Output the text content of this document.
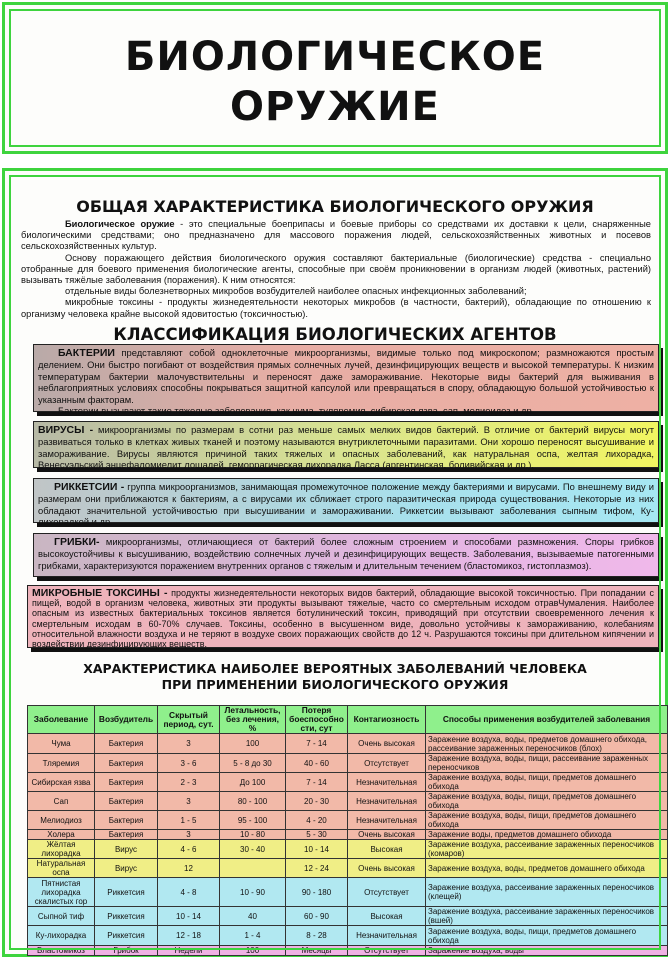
БИОЛОГИЧЕСКОЕ
ОРУЖИЕ
ОБЩАЯ ХАРАКТЕРИСТИКА БИОЛОГИЧЕСКОГО ОРУЖИЯ

Биологическое оружие - это специальные боеприпасы и боевые приборы со средствами их доставки к цели, снаряженные биологическими средствами; оно предназначено для массового поражения людей, сельскохозяйственных животных и посевов сельскохозяйственных культур.

Основу поражающего действия биологического оружия составляют бактериальные (биологические) средства - специально отобранные для боевого применения биологические агенты, способные при своём проникновении в организм людей (животных, растений) вызывать тяжёлые заболевания (поражения). К ним относятся:

отдельные виды болезнетворных микробов возбудителей наиболее опасных инфекционных заболеваний;

микробные токсины - продукты жизнедеятельности некоторых микробов (в частности, бактерий), обладающие по отношению к организму человека крайне высокой ядовитостью (токсичностью).

КЛАССИФИКАЦИЯ БИОЛОГИЧЕСКИХ АГЕНТОВ
БАКТЕРИИ представляют собой одноклеточные микроорганизмы, видимые только под микроскопом; размножаются простым делением. Они быстро погибают от воздействия прямых солнечных лучей, дезинфицирующих веществ и высокой температуры. К низким температурам бактерии малочувствительны и переносят даже замораживание. Некоторые виды бактерий для выживания в неблагоприятных условиях способны покрываться защитной капсулой или превращаться в спору, обладающую большой устойчивостью к указанным факторам.
Бактерии вызывают такие тяжелые заболевания, как чума, туляремия, сибирская язва, сап, мелиоидоз и др.
ВИРУСЫ - микроорганизмы по размерам в сотни раз меньше самых мелких видов бактерий. В отличие от бактерий вирусы могут развиваться только в клетках живых тканей и поэтому называются внутриклеточными паразитами. Они хорошо переносят высушивание и замораживание. Вирусы являются причиной таких тяжелых и опасных заболеваний, как натуральная оспа, желтая лихорадка, Венесуэльский энцефаломиелит лошадей, геморрагическая лихорадка Ласса (аргентинская, боливийская и др.).
РИККЕТСИИ - группа микроорганизмов, занимающая промежуточное положение между бактериями и вирусами. По внешнему виду и размерам они приближаются к бактериям, а с вирусами их сближает строго паразитическая природа существования. Некоторые из них обладают значительной устойчивостью при высушивании и замораживании. Риккетсии вызывают заболевания сыпным тифом, Ку-лихорадкой и др.
ГРИБКИ- микроорганизмы, отличающиеся от бактерий более сложным строением и способами размножения. Споры грибков высокоустойчивы к высушиванию, воздействию солнечных лучей и дезинфицирующих веществ. Заболевания, вызываемые патогенными грибками, характеризуются поражением внутренних органов с тяжелым и длительным течением (бластомикоз, гистоплазмоз).
МИКРОБНЫЕ ТОКСИНЫ - продукты жизнедеятельности некоторых видов бактерий, обладающие высокой токсичностью. При попадании с пищей, водой в организм человека, животных эти продукты вызывают тяжелые, часто со смертельным исходом отравЧумаления. Наиболее опасным из известных бактериальных токсинов является ботулинический токсин, приводящий при отсутствии своевременного лечения к смертельным исходам в 60-70% случаев. Токсины, особенно в высушенном виде, довольно устойчивы к замораживанию, колебаниям относительной влажности воздуха и не теряют в воздухе своих поражающих свойств до 12 ч. Разрушаются токсины при длительном кипячении и воздействии дезинфицирующих веществ.
ХАРАКТЕРИСТИКА НАИБОЛЕЕ ВЕРОЯТНЫХ ЗАБОЛЕВАНИЙ ЧЕЛОВЕКА
ПРИ ПРИМЕНЕНИИ БИОЛОГИЧЕСКОГО ОРУЖИЯ
Заболевание	Возбудитель	Скрытый период, сут.	Летальность, без лечения, %	Потеря боеспособно сти, сут	Контагиозность	Способы применения возбудителей заболевания
Чума	Бактерия	3	100	7 - 14	Очень высокая	Заражение воздуха, воды, предметов домашнего обихода, рассеивание зараженных переносчиков (блох)
Тляремия	Бактерия	3 - 6	5 - 8 до 30	40 - 60	Отсутствует	Заражение воздуха, воды, пищи, рассеивание зараженных переносчиков
Сибирская язва	Бактерия	2 - 3	До 100	7 - 14	Незначительная	Заражение воздуха, воды, пищи, предметов домашнего обихода
Сап	Бактерия	3	80 - 100	20 - 30	Незначительная	Заражение воздуха, воды, пищи, предметов домашнего обихода
Мелиодиоз	Бактерия	1 - 5	95 - 100	4 - 20	Незначительная	Заражение воздуха, воды, пищи, предметов домашнего обихода
Холера	Бактерия	3	10 - 80	5 - 30	Очень высокая	Заражение воды, предметов домашнего обихода
Жёлтая лихорадка	Вирус	4 - 6	30 - 40	10 - 14	Высокая	Заражение воздуха, рассеивание зараженных переносчиков (комаров)
Натуральная оспа	Вирус	12		12 - 24	Очень высокая	Заражение воздуха, воды, предметов домашнего обихода
Пятнистая лихорадка скалистых гор	Риккетсия	4 - 8	10 - 90	90 - 180	Отсутствует	Заражение воздуха, рассеивание зараженных переносчиков (клещей)
Сыпной тиф	Риккетсия	10 - 14	40	60 - 90	Высокая	Заражение воздуха, рассеивание зараженных переносчиков (вшей)
Ку-лихорадка	Риккетсия	12 - 18	1 - 4	8 - 28	Незначительная	Заражение воздуха, воды, пищи, предметов домашнего обихода
Бластомикоз	Грибок	Недели	100	Месяцы	Отсутствует	Заражение воздуха, воды
